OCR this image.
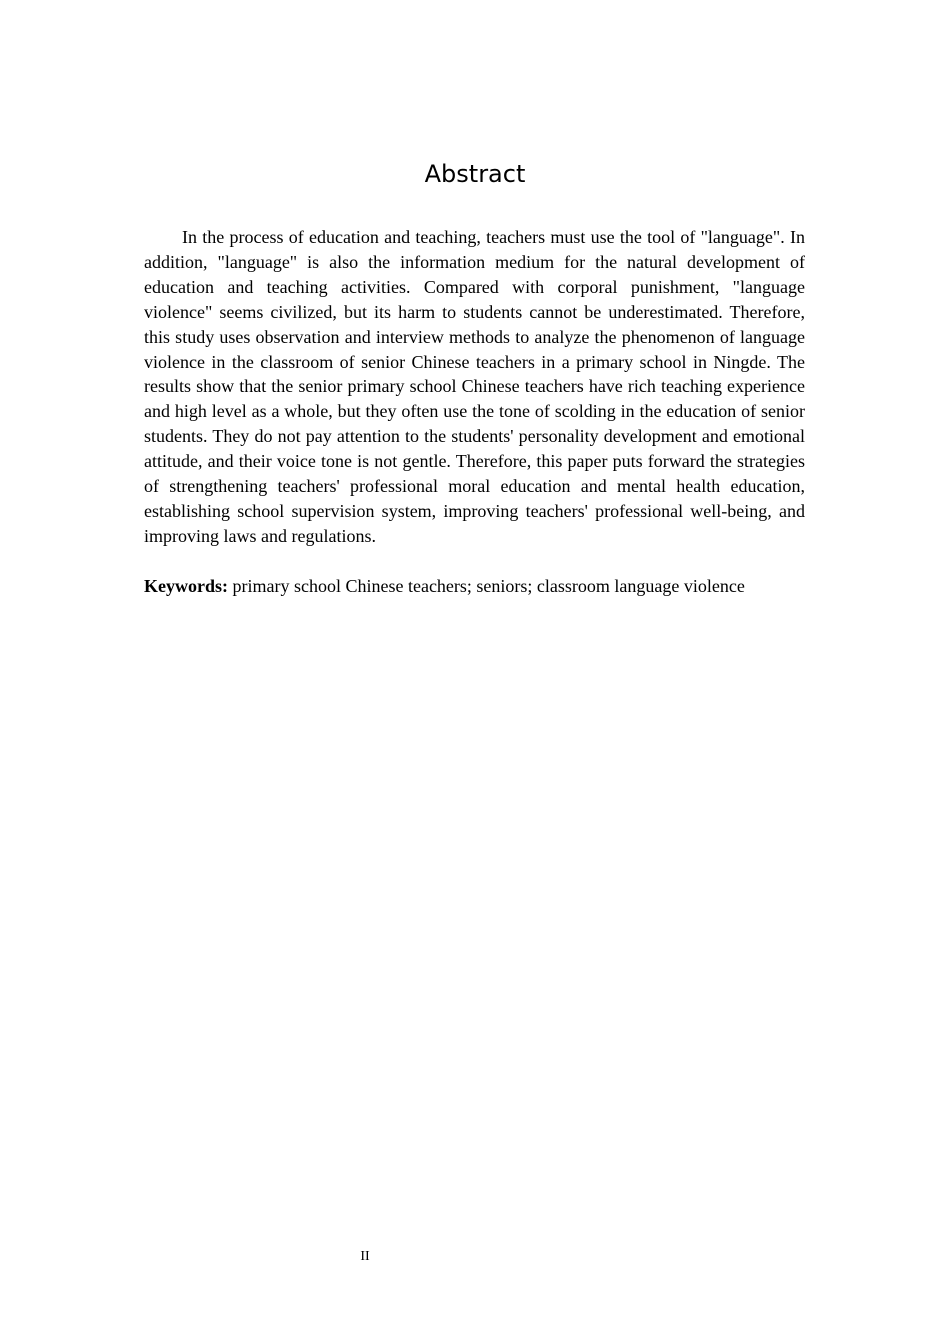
Abstract

In the process of education and teaching, teachers must use the tool of "language". In addition, "language" is also the information medium for the natural development of education and teaching activities. Compared with corporal punishment, "language violence" seems civilized, but its harm to students cannot be underestimated. Therefore, this study uses observation and interview methods to analyze the phenomenon of language violence in the classroom of senior Chinese teachers in a primary school in Ningde. The results show that the senior primary school Chinese teachers have rich teaching experience and high level as a whole, but they often use the tone of scolding in the education of senior students. They do not pay attention to the students' personality development and emotional attitude, and their voice tone is not gentle. Therefore, this paper puts forward the strategies of strengthening teachers' professional moral education and mental health education, establishing school supervision system, improving teachers' professional well-being, and improving laws and regulations.

Keywords: primary school Chinese teachers; seniors; classroom language violence

II
